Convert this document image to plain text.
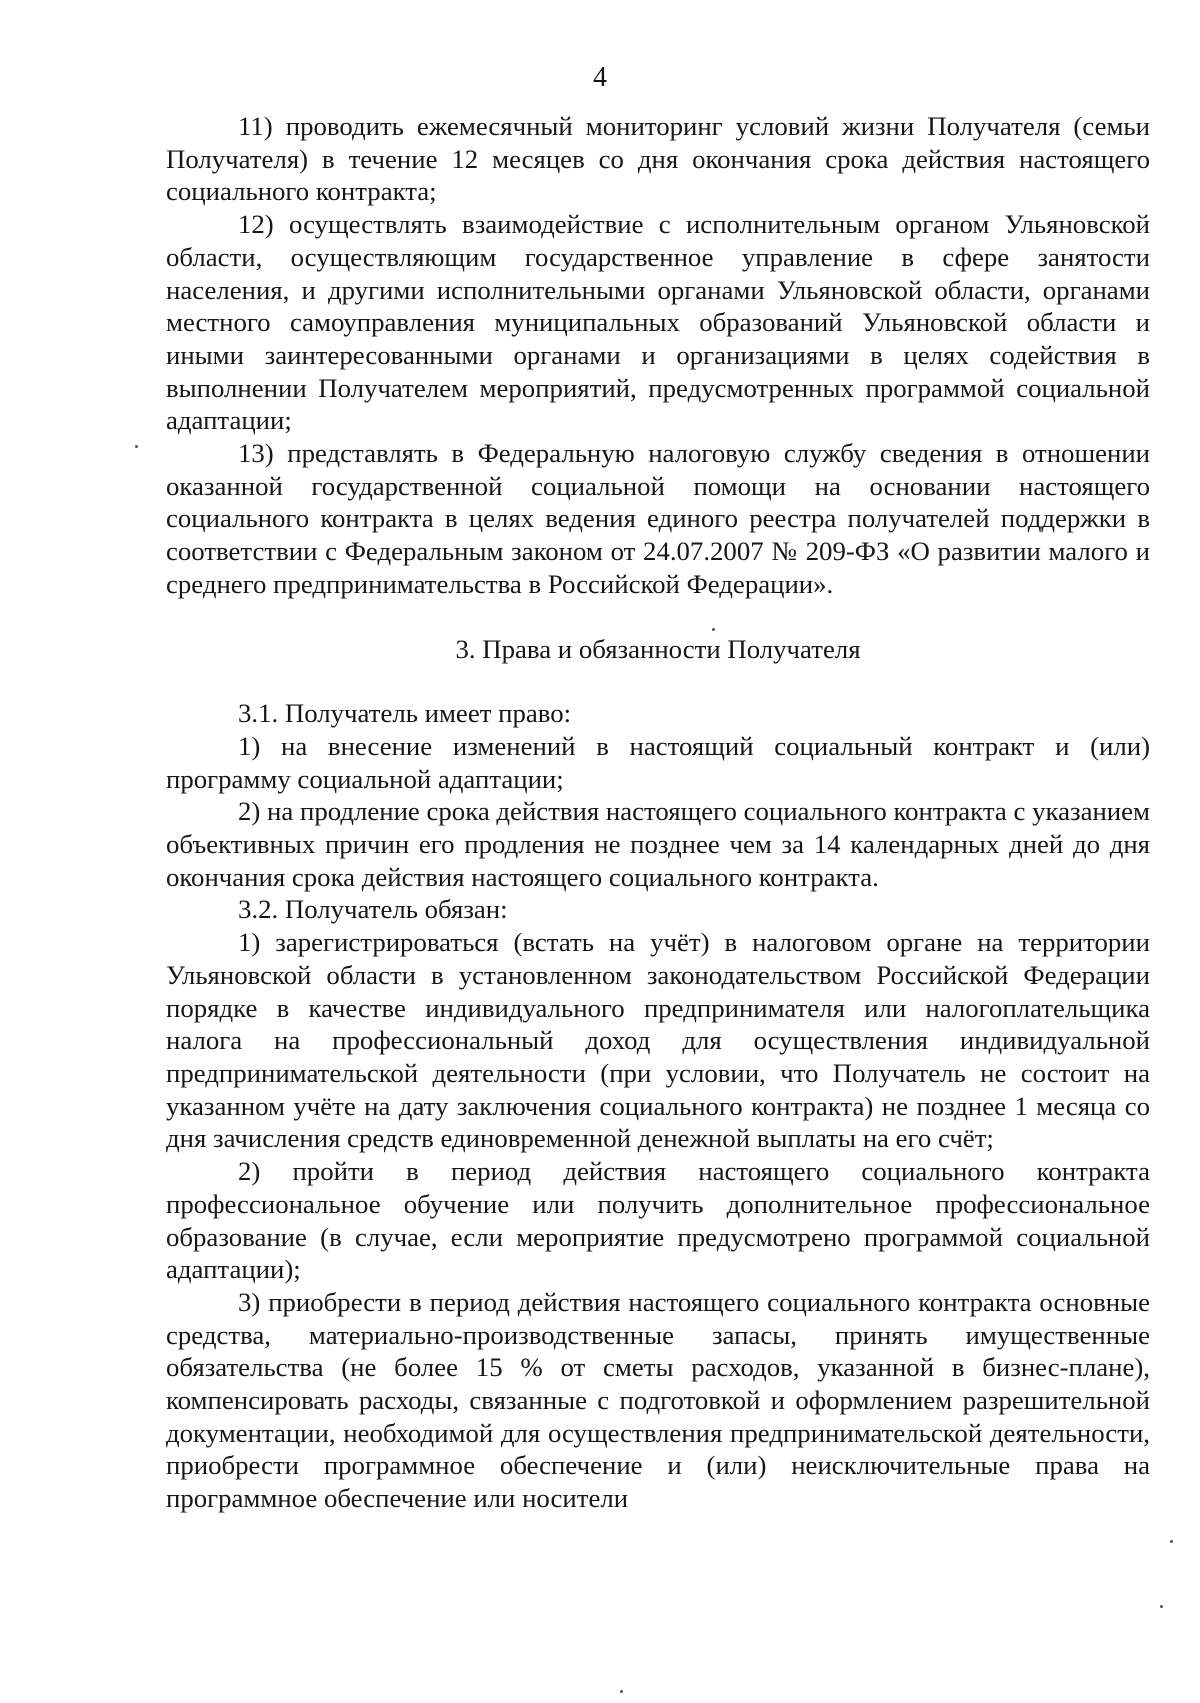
4

11) проводить ежемесячный мониторинг условий жизни Получателя (семьи Получателя) в течение 12 месяцев со дня окончания срока действия настоящего социального контракта;

12) осуществлять взаимодействие с исполнительным органом Ульяновской области, осуществляющим государственное управление в сфере занятости населения, и другими исполнительными органами Ульяновской области, органами местного самоуправления муниципальных образований Ульяновской области и иными заинтересованными органами и организациями в целях содействия в выполнении Получателем мероприятий, предусмотренных программой социальной адаптации;

13) представлять в Федеральную налоговую службу сведения в отношении оказанной государственной социальной помощи на основании настоящего социального контракта в целях ведения единого реестра получателей поддержки в соответствии с Федеральным законом от 24.07.2007 № 209-ФЗ «О развитии малого и среднего предпринимательства в Российской Федерации».

3. Права и обязанности Получателя

3.1. Получатель имеет право:

1) на внесение изменений в настоящий социальный контракт и (или) программу социальной адаптации;

2) на продление срока действия настоящего социального контракта с указанием объективных причин его продления не позднее чем за 14 календарных дней до дня окончания срока действия настоящего социального контракта.

3.2. Получатель обязан:

1) зарегистрироваться (встать на учёт) в налоговом органе на территории Ульяновской области в установленном законодательством Российской Федерации порядке в качестве индивидуального предпринимателя или налогоплательщика налога на профессиональный доход для осуществления индивидуальной предпринимательской деятельности (при условии, что Получатель не состоит на указанном учёте на дату заключения социального контракта) не позднее 1 месяца со дня зачисления средств единовременной денежной выплаты на его счёт;

2) пройти в период действия настоящего социального контракта профессиональное обучение или получить дополнительное профессиональное образование (в случае, если мероприятие предусмотрено программой социальной адаптации);

3) приобрести в период действия настоящего социального контракта основные средства, материально-производственные запасы, принять имущественные обязательства (не более 15 % от сметы расходов, указанной в бизнес-плане), компенсировать расходы, связанные с подготовкой и оформлением разрешительной документации, необходимой для осуществления предпринимательской деятельности, приобрести программное обеспечение и (или) неисключительные права на программное обеспечение или носители
